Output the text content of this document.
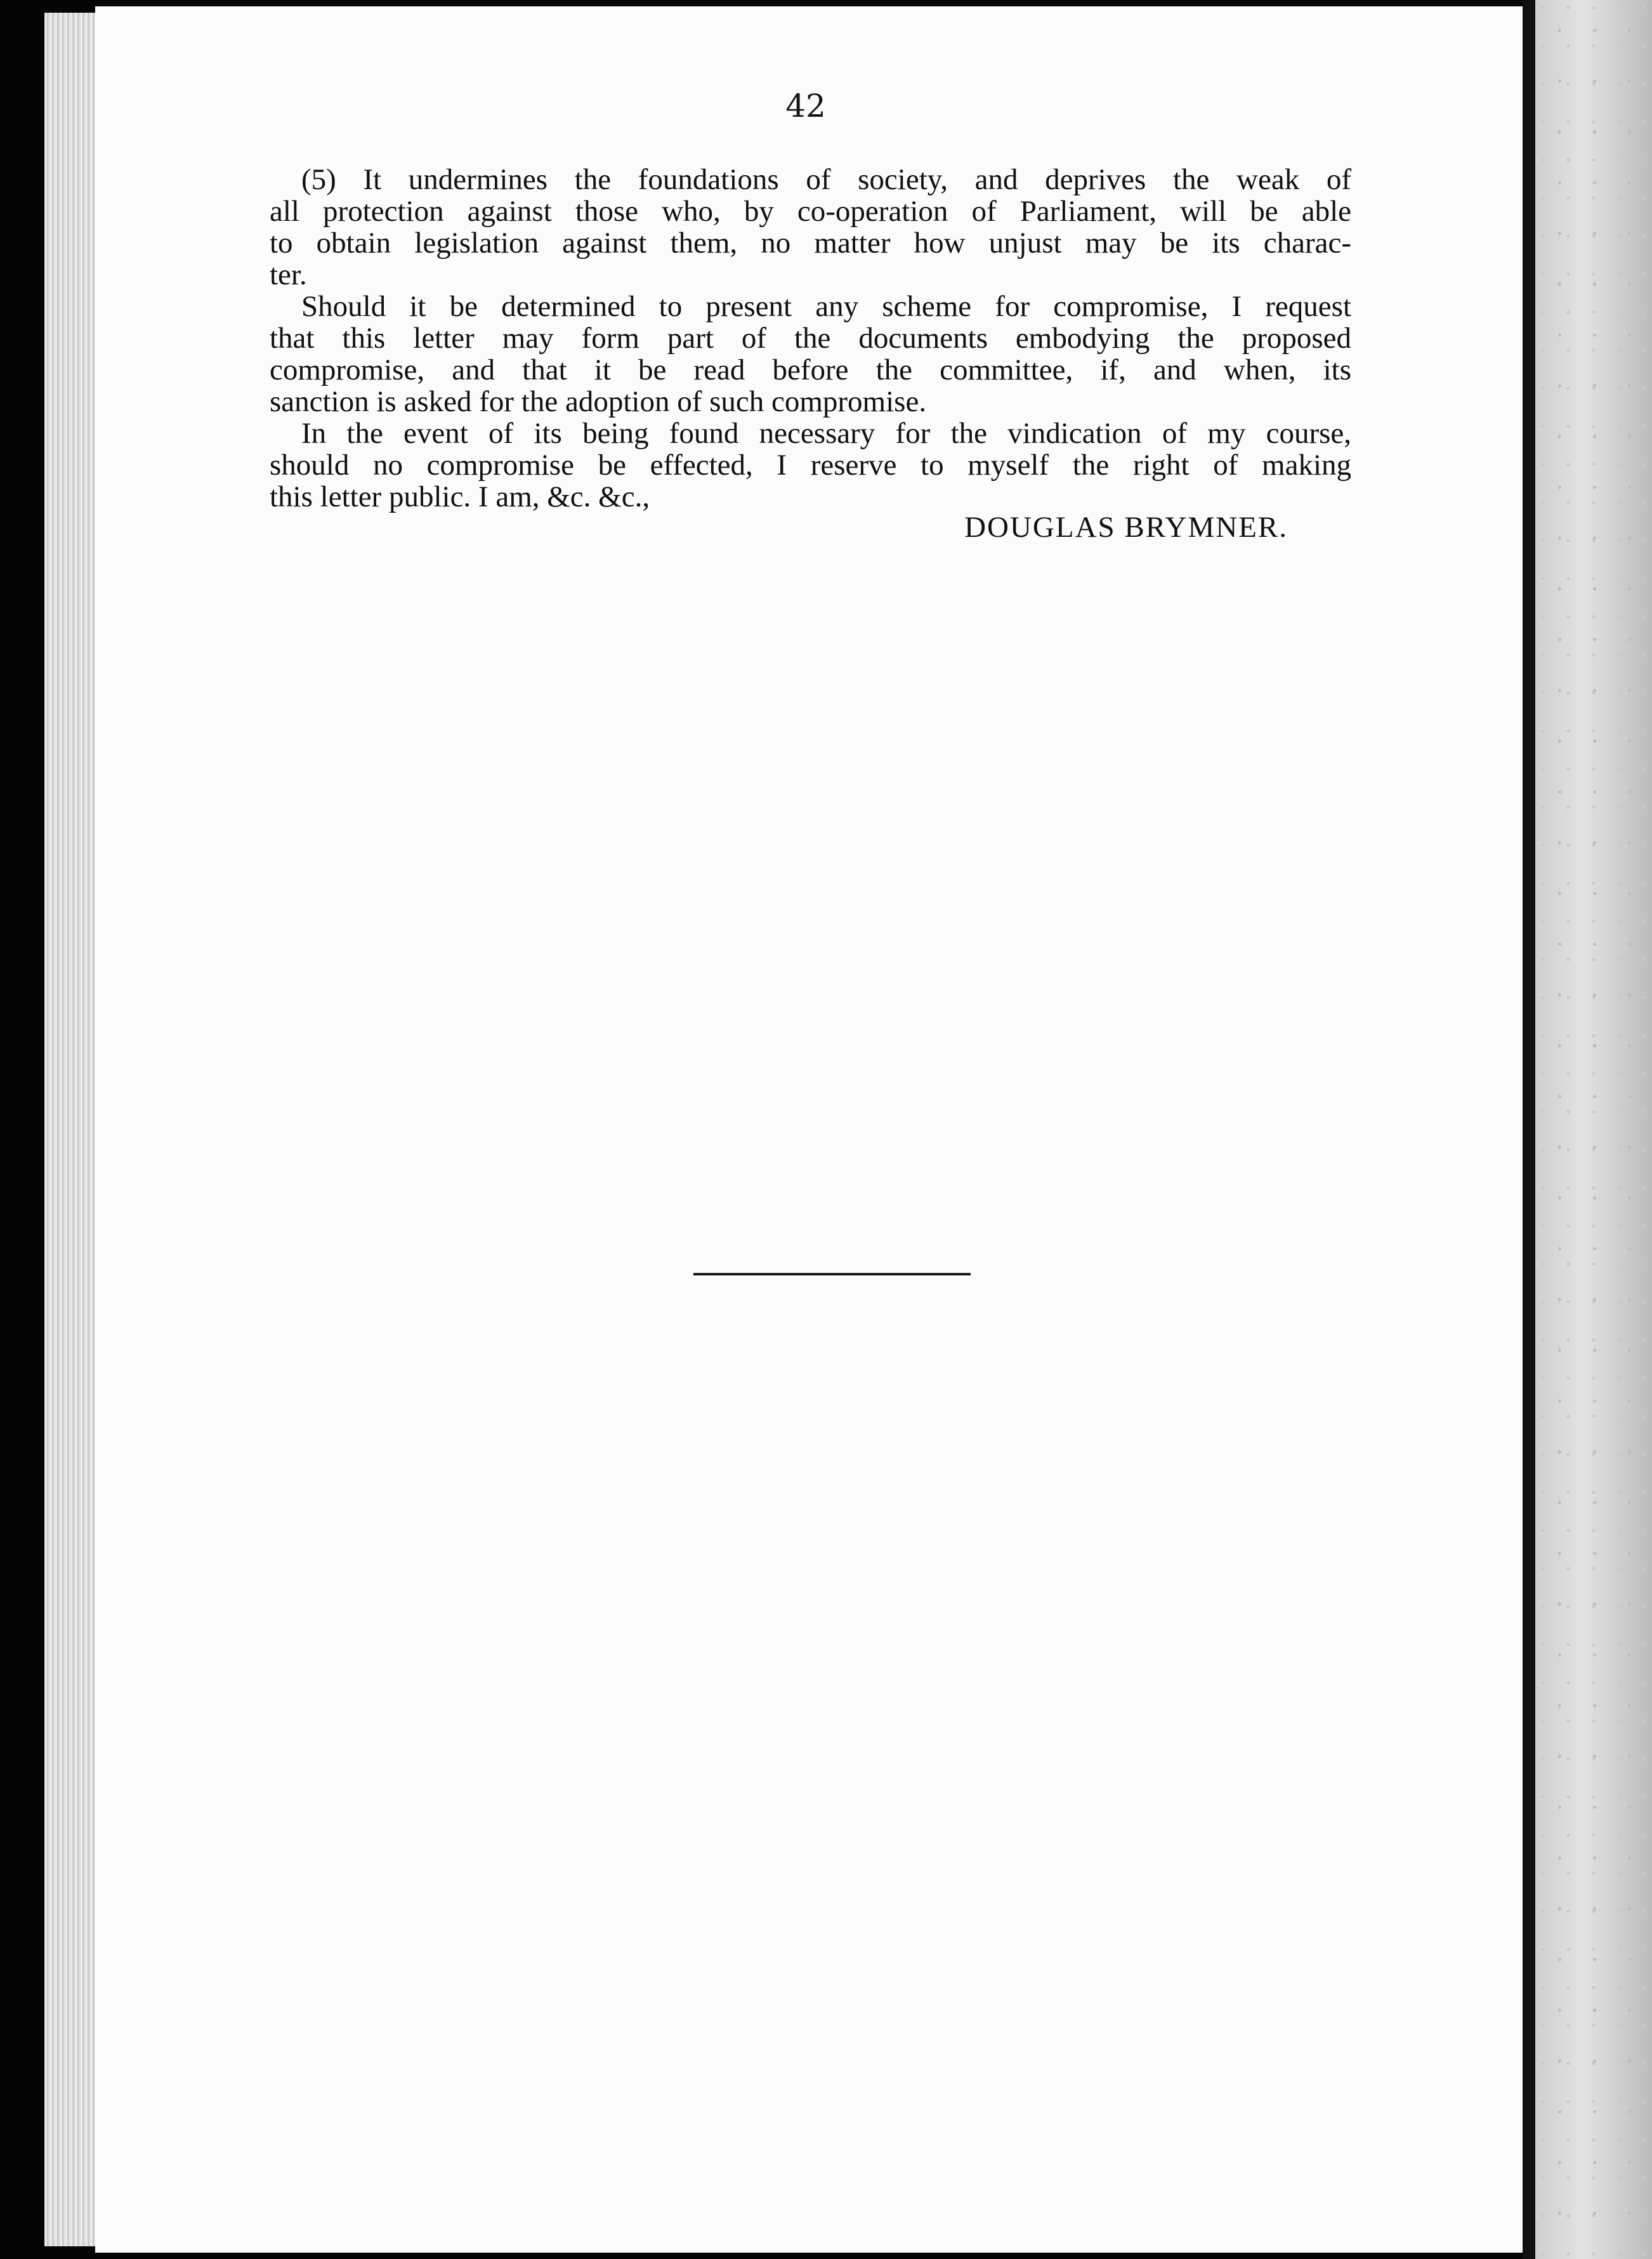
42
(5) It undermines the foundations of society, and deprives the weak of
all protection against those who, by co-operation of Parliament, will be able
to obtain legislation against them, no matter how unjust may be its charac-
ter.
Should it be determined to present any scheme for compromise, I request
that this letter may form part of the documents embodying the proposed
compromise, and that it be read before the committee, if, and when, its
sanction is asked for the adoption of such compromise.
In the event of its being found necessary for the vindication of my course,
should no compromise be effected, I reserve to myself the right of making
this letter public. I am, &c. &c.,
DOUGLAS BRYMNER.
